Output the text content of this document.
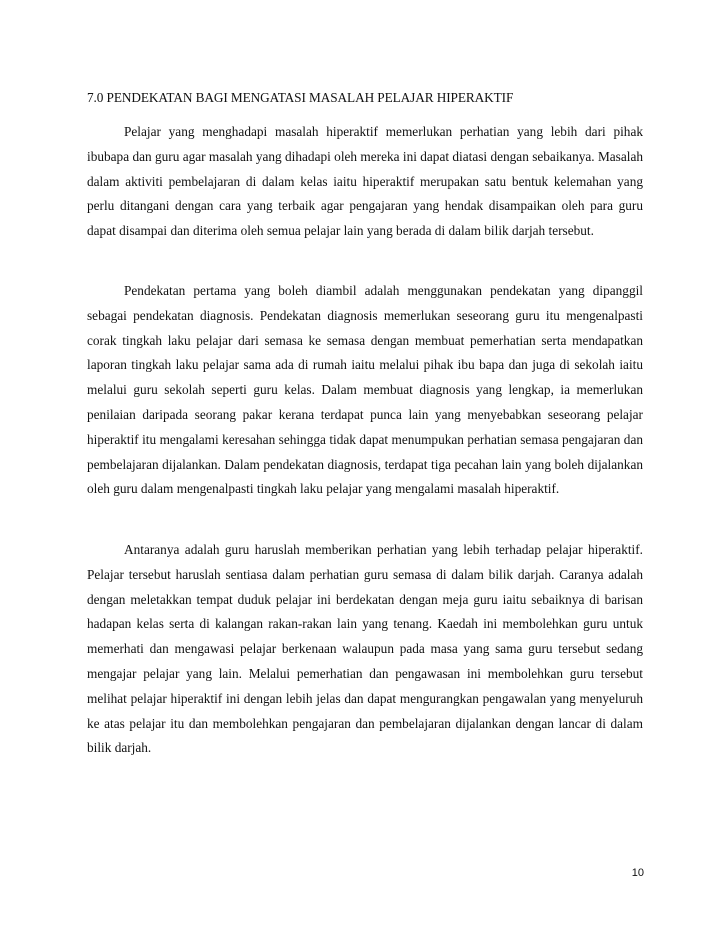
7.0 PENDEKATAN BAGI MENGATASI MASALAH PELAJAR HIPERAKTIF

Pelajar yang menghadapi masalah hiperaktif memerlukan perhatian yang lebih dari pihak ibubapa dan guru agar masalah yang dihadapi oleh mereka ini dapat diatasi dengan sebaikanya. Masalah dalam aktiviti pembelajaran di dalam kelas iaitu hiperaktif merupakan satu bentuk kelemahan yang perlu ditangani dengan cara yang terbaik agar pengajaran yang hendak disampaikan oleh para guru dapat disampai dan diterima oleh semua pelajar lain yang berada di dalam bilik darjah tersebut.

Pendekatan pertama yang boleh diambil adalah menggunakan pendekatan yang dipanggil sebagai pendekatan diagnosis. Pendekatan diagnosis memerlukan seseorang guru itu mengenalpasti corak tingkah laku pelajar dari semasa ke semasa dengan membuat pemerhatian serta mendapatkan laporan tingkah laku pelajar sama ada di rumah iaitu melalui pihak ibu bapa dan juga di sekolah iaitu melalui guru sekolah seperti guru kelas. Dalam membuat diagnosis yang lengkap, ia memerlukan penilaian daripada seorang pakar kerana terdapat punca lain yang menyebabkan seseorang pelajar hiperaktif itu mengalami keresahan sehingga tidak dapat menumpukan perhatian semasa pengajaran dan pembelajaran dijalankan. Dalam pendekatan diagnosis, terdapat tiga pecahan lain yang boleh dijalankan oleh guru dalam mengenalpasti tingkah laku pelajar yang mengalami masalah hiperaktif.

Antaranya adalah guru haruslah memberikan perhatian yang lebih terhadap pelajar hiperaktif. Pelajar tersebut haruslah sentiasa dalam perhatian guru semasa di dalam bilik darjah. Caranya adalah dengan meletakkan tempat duduk pelajar ini berdekatan dengan meja guru iaitu sebaiknya di barisan hadapan kelas serta di kalangan rakan-rakan lain yang tenang. Kaedah ini membolehkan guru untuk memerhati dan mengawasi pelajar berkenaan walaupun pada masa yang sama guru tersebut sedang mengajar pelajar yang lain. Melalui pemerhatian dan pengawasan ini membolehkan guru tersebut melihat pelajar hiperaktif ini dengan lebih jelas dan dapat mengurangkan pengawalan yang menyeluruh ke atas pelajar itu dan membolehkan pengajaran dan pembelajaran dijalankan dengan lancar di dalam bilik darjah.

10
